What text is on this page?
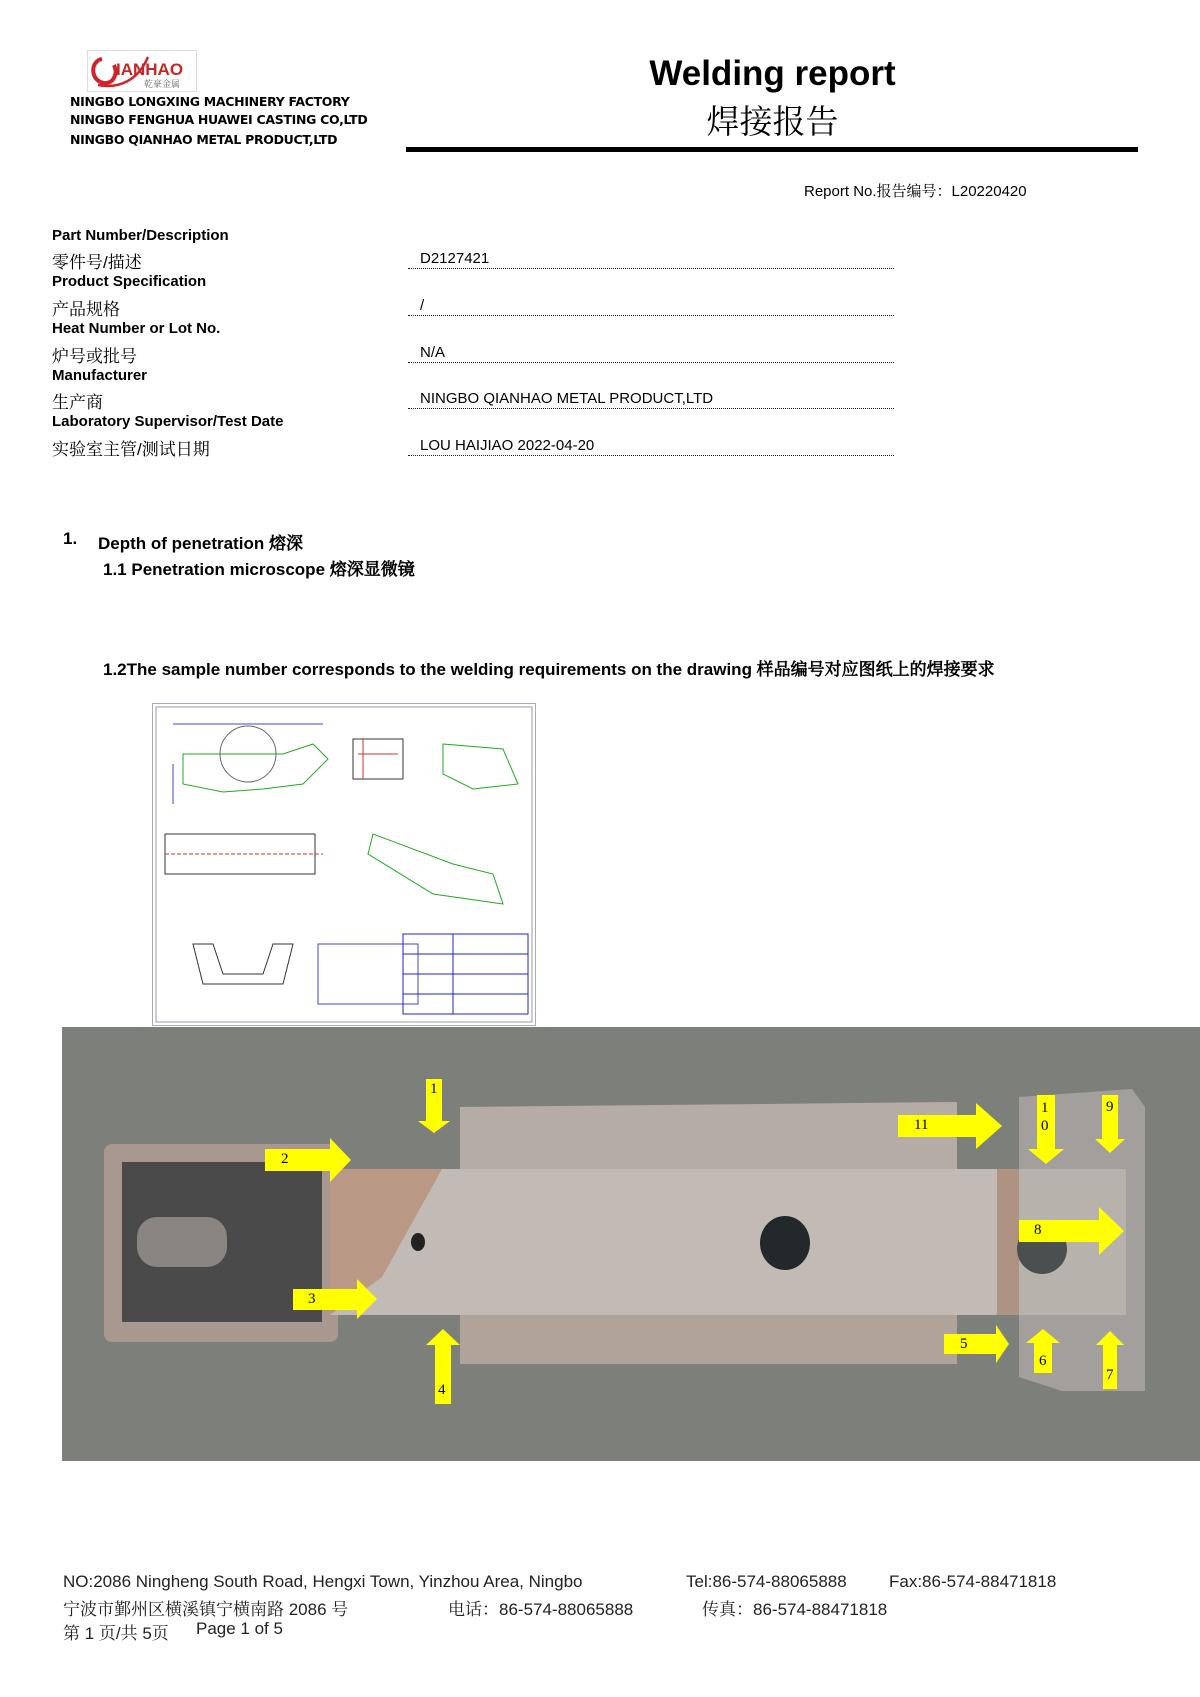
IANHAO
乾豪金属
NINGBO LONGXING MACHINERY FACTORY
NINGBO FENGHUA HUAWEI CASTING CO,LTD
NINGBO QIANHAO METAL PRODUCT,LTD
Welding report
焊接报告
Report No.报告编号：L20220420
Part Number/Description
零件号/描述	D2127421
Product Specification
产品规格	/
Heat Number or Lot No.
炉号或批号	N/A
Manufacturer
生产商	NINGBO QIANHAO METAL PRODUCT,LTD
Laboratory Supervisor/Test Date
实验室主管/测试日期	LOU HAIJIAO 2022-04-20
1. Depth of penetration 熔深
1.1 Penetration microscope 熔深显微镜
1.2The sample number corresponds to the welding requirements on the drawing 样品编号对应图纸上的焊接要求
1
2
3
4
5
6
7
8
9
10
11
NO:2086 Ningheng South Road, Hengxi Town, Yinzhou Area, Ningbo	Tel:86-574-88065888 Fax:86-574-88471818
宁波市鄞州区横溪镇宁横南路 2086 号	电话：86-574-88065888	传真：86-574-88471818
第 1 页/共 5页 Page 1 of 5
